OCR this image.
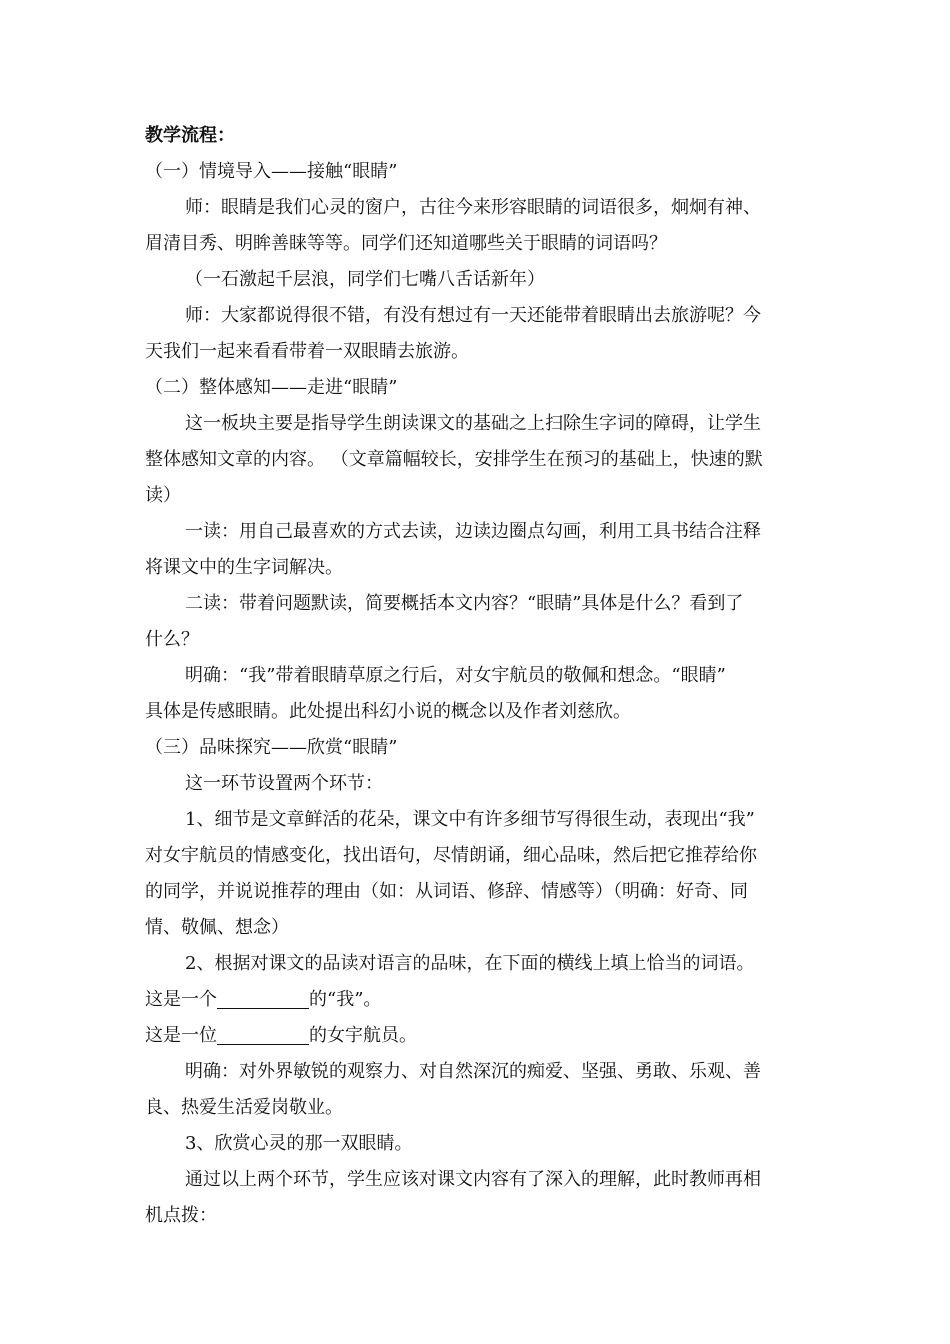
教学流程：

（一）情境导入——接触“眼睛”

师：眼睛是我们心灵的窗户，古往今来形容眼睛的词语很多，炯炯有神、

眉清目秀、明眸善睐等等。同学们还知道哪些关于眼睛的词语吗？

（一石激起千层浪，同学们七嘴八舌话新年）

师：大家都说得很不错，有没有想过有一天还能带着眼睛出去旅游呢？今

天我们一起来看看带着一双眼睛去旅游。

（二）整体感知——走进“眼睛”

这一板块主要是指导学生朗读课文的基础之上扫除生字词的障碍，让学生

整体感知文章的内容。 （文章篇幅较长，安排学生在预习的基础上，快速的默

读）

一读：用自己最喜欢的方式去读，边读边圈点勾画，利用工具书结合注释

将课文中的生字词解决。

二读：带着问题默读，简要概括本文内容？“眼睛”具体是什么？看到了

什么？

明确：“我”带着眼睛草原之行后，对女宇航员的敬佩和想念。“眼睛”

具体是传感眼睛。此处提出科幻小说的概念以及作者刘慈欣。

（三）品味探究——欣赏“眼睛”

这一环节设置两个环节：

1、细节是文章鲜活的花朵，课文中有许多细节写得很生动，表现出“我”

对女宇航员的情感变化，找出语句，尽情朗诵，细心品味，然后把它推荐给你

的同学，并说说推荐的理由（如：从词语、修辞、情感等）（明确：好奇、同

情、敬佩、想念）

2、根据对课文的品读对语言的品味，在下面的横线上填上恰当的词语。

这是一个	的“我”。

这是一位	的女宇航员。

明确：对外界敏锐的观察力、对自然深沉的痴爱、坚强、勇敢、乐观、善

良、热爱生活爱岗敬业。

3、欣赏心灵的那一双眼睛。

通过以上两个环节，学生应该对课文内容有了深入的理解，此时教师再相

机点拨：
